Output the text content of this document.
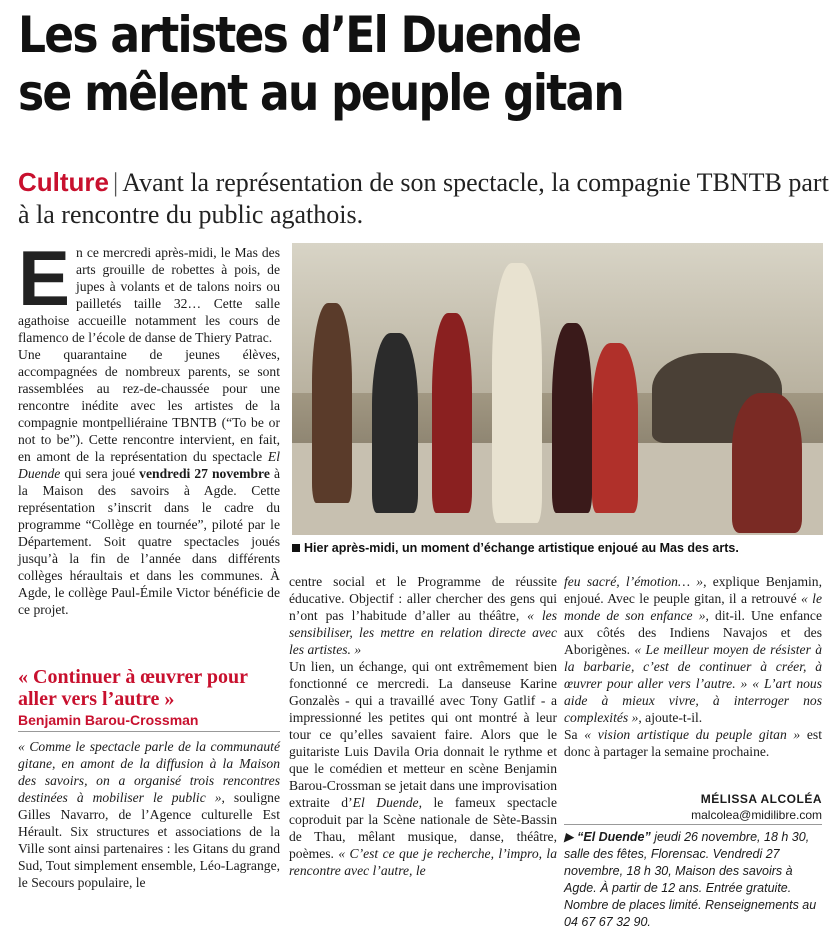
Les artistes d’El Duende
se mêlent au peuple gitan
Culture | Avant la représentation de son spectacle, la compagnie TBNTB part à la rencontre du public agathois.
E n ce mercredi après-midi, le Mas des arts grouille de robettes à pois, de jupes à volants et de talons noirs ou pailletés taille 32… Cette salle agathoise accueille notamment les cours de flamenco de l’école de danse de Thiery Patrac.

Une quarantaine de jeunes élèves, accompagnées de nombreux parents, se sont rassemblées au rez-de-chaussée pour une rencontre inédite avec les artistes de la compagnie montpelliéraine TBNTB (“To be or not to be”). Cette rencontre intervient, en fait, en amont de la représentation du spectacle El Duende qui sera joué vendredi 27 novembre à la Maison des savoirs à Agde. Cette représentation s’inscrit dans le cadre du programme “Collège en tournée”, piloté par le Département. Soit quatre spectacles joués jusqu’à la fin de l’année dans différents collèges héraultais et dans les communes. À Agde, le collège Paul-Émile Victor bénéficie de ce projet.

« Continuer à œuvrer pour aller vers l’autre »
Benjamin Barou-Crossman

« Comme le spectacle parle de la communauté gitane, en amont de la diffusion à la Maison des savoirs, on a organisé trois rencontres destinées à mobiliser le public », souligne Gilles Navarro, de l’Agence culturelle Est Hérault. Six structures et associations de la Ville sont ainsi partenaires : les Gitans du grand Sud, Tout simplement ensemble, Léo-Lagrange, le Secours populaire, le

Hier après-midi, un moment d’échange artistique enjoué au Mas des arts.

centre social et le Programme de réussite éducative. Objectif : aller chercher des gens qui n’ont pas l’habitude d’aller au théâtre, « les sensibiliser, les mettre en relation directe avec les artistes. »

Un lien, un échange, qui ont extrêmement bien fonctionné ce mercredi. La danseuse Karine Gonzalès - qui a travaillé avec Tony Gatlif - a impressionné les petites qui ont montré à leur tour ce qu’elles savaient faire. Alors que le guitariste Luis Davila Oria donnait le rythme et que le comédien et metteur en scène Benjamin Barou-Crossman se jetait dans une improvisation extraite d’El Duende, le fameux spectacle coproduit par la Scène nationale de Sète-Bassin de Thau, mêlant musique, danse, théâtre, poèmes. « C’est ce que je recherche, l’impro, la rencontre avec l’autre, le

feu sacré, l’émotion… », explique Benjamin, enjoué. Avec le peuple gitan, il a retrouvé « le monde de son enfance », dit-il. Une enfance aux côtés des Indiens Navajos et des Aborigènes. « Le meilleur moyen de résister à la barbarie, c’est de continuer à créer, à œuvrer pour aller vers l’autre. » « L’art nous aide à mieux vivre, à interroger nos complexités », ajoute-t-il.

Sa « vision artistique du peuple gitan » est donc à partager la semaine prochaine.

MÉLISSA ALCOLÉA
malcolea@midilibre.com
▶ “El Duende” jeudi 26 novembre, 18 h 30, salle des fêtes, Florensac. Vendredi 27 novembre, 18 h 30, Maison des savoirs à Agde. À partir de 12 ans. Entrée gratuite. Nombre de places limité. Renseignements au 04 67 67 32 90.
